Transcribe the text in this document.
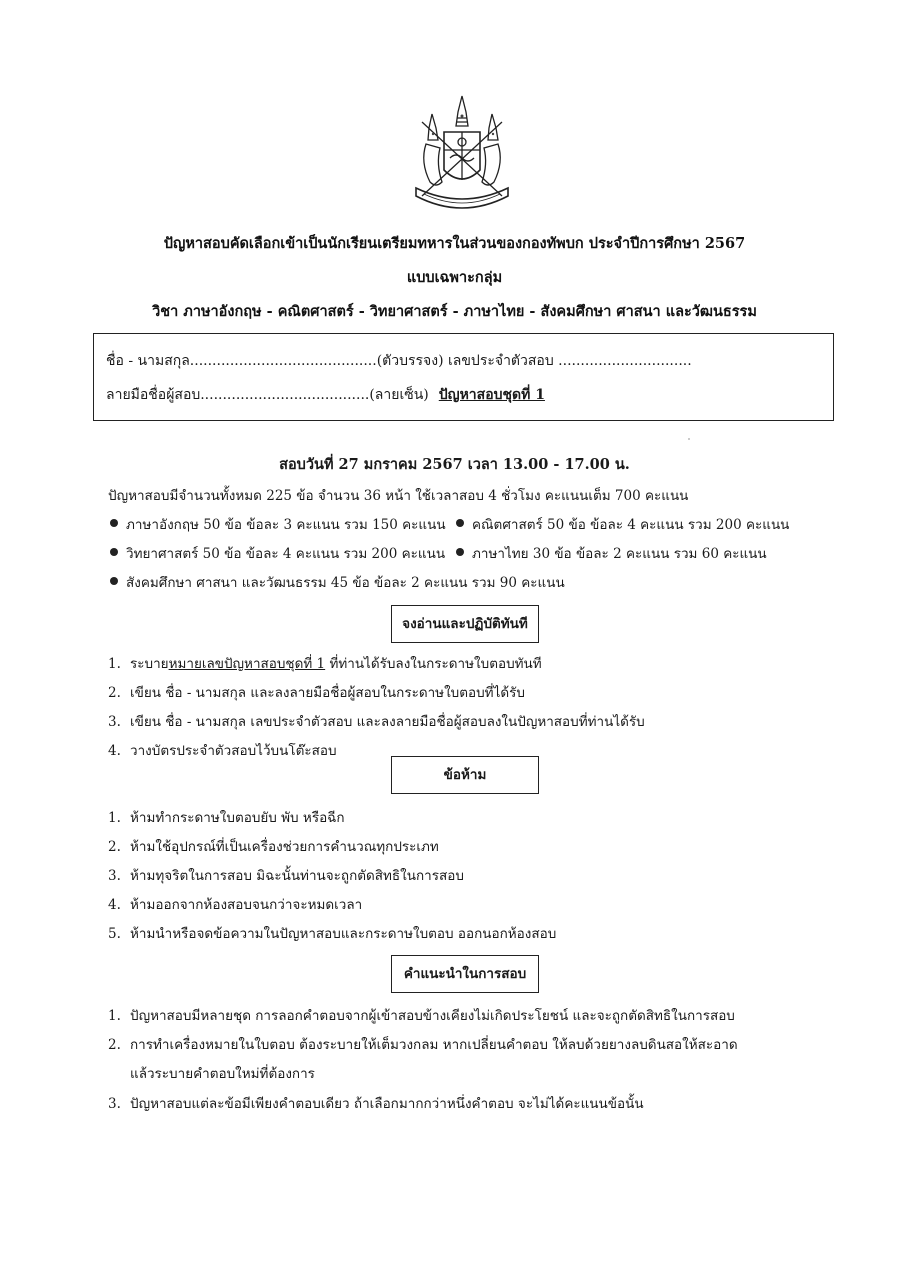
ปัญหาสอบคัดเลือกเข้าเป็นนักเรียนเตรียมทหารในส่วนของกองทัพบก ประจำปีการศึกษา 2567
แบบเฉพาะกลุ่ม
วิชา ภาษาอังกฤษ - คณิตศาสตร์ - วิทยาศาสตร์ - ภาษาไทย - สังคมศึกษา ศาสนา และวัฒนธรรม
ชื่อ - นามสกุล..........................................(ตัวบรรจง) เลขประจำตัวสอบ ..............................
ลายมือชื่อผู้สอบ......................................(ลายเซ็น) ปัญหาสอบชุดที่ 1
สอบวันที่ 27 มกราคม 2567 เวลา 13.00 - 17.00 น.
ปัญหาสอบมีจำนวนทั้งหมด 225 ข้อ จำนวน 36 หน้า ใช้เวลาสอบ 4 ชั่วโมง คะแนนเต็ม 700 คะแนน
ภาษาอังกฤษ 50 ข้อ ข้อละ 3 คะแนน รวม 150 คะแนน	คณิตศาสตร์ 50 ข้อ ข้อละ 4 คะแนน รวม 200 คะแนน
วิทยาศาสตร์ 50 ข้อ ข้อละ 4 คะแนน รวม 200 คะแนน	ภาษาไทย 30 ข้อ ข้อละ 2 คะแนน รวม 60 คะแนน
สังคมศึกษา ศาสนา และวัฒนธรรม 45 ข้อ ข้อละ 2 คะแนน รวม 90 คะแนน
จงอ่านและปฏิบัติทันที
1. ระบายหมายเลขปัญหาสอบชุดที่ 1 ที่ท่านได้รับลงในกระดาษใบตอบทันที
2. เขียน ชื่อ - นามสกุล และลงลายมือชื่อผู้สอบในกระดาษใบตอบที่ได้รับ
3. เขียน ชื่อ - นามสกุล เลขประจำตัวสอบ และลงลายมือชื่อผู้สอบลงในปัญหาสอบที่ท่านได้รับ
4. วางบัตรประจำตัวสอบไว้บนโต๊ะสอบ
ข้อห้าม
1. ห้ามทำกระดาษใบตอบยับ พับ หรือฉีก
2. ห้ามใช้อุปกรณ์ที่เป็นเครื่องช่วยการคำนวณทุกประเภท
3. ห้ามทุจริตในการสอบ มิฉะนั้นท่านจะถูกตัดสิทธิในการสอบ
4. ห้ามออกจากห้องสอบจนกว่าจะหมดเวลา
5. ห้ามนำหรือจดข้อความในปัญหาสอบและกระดาษใบตอบ ออกนอกห้องสอบ
คำแนะนำในการสอบ
1. ปัญหาสอบมีหลายชุด การลอกคำตอบจากผู้เข้าสอบข้างเคียงไม่เกิดประโยชน์ และจะถูกตัดสิทธิในการสอบ
2. การทำเครื่องหมายในใบตอบ ต้องระบายให้เต็มวงกลม หากเปลี่ยนคำตอบ ให้ลบด้วยยางลบดินสอให้สะอาด
แล้วระบายคำตอบใหม่ที่ต้องการ
3. ปัญหาสอบแต่ละข้อมีเพียงคำตอบเดียว ถ้าเลือกมากกว่าหนึ่งคำตอบ จะไม่ได้คะแนนข้อนั้น
